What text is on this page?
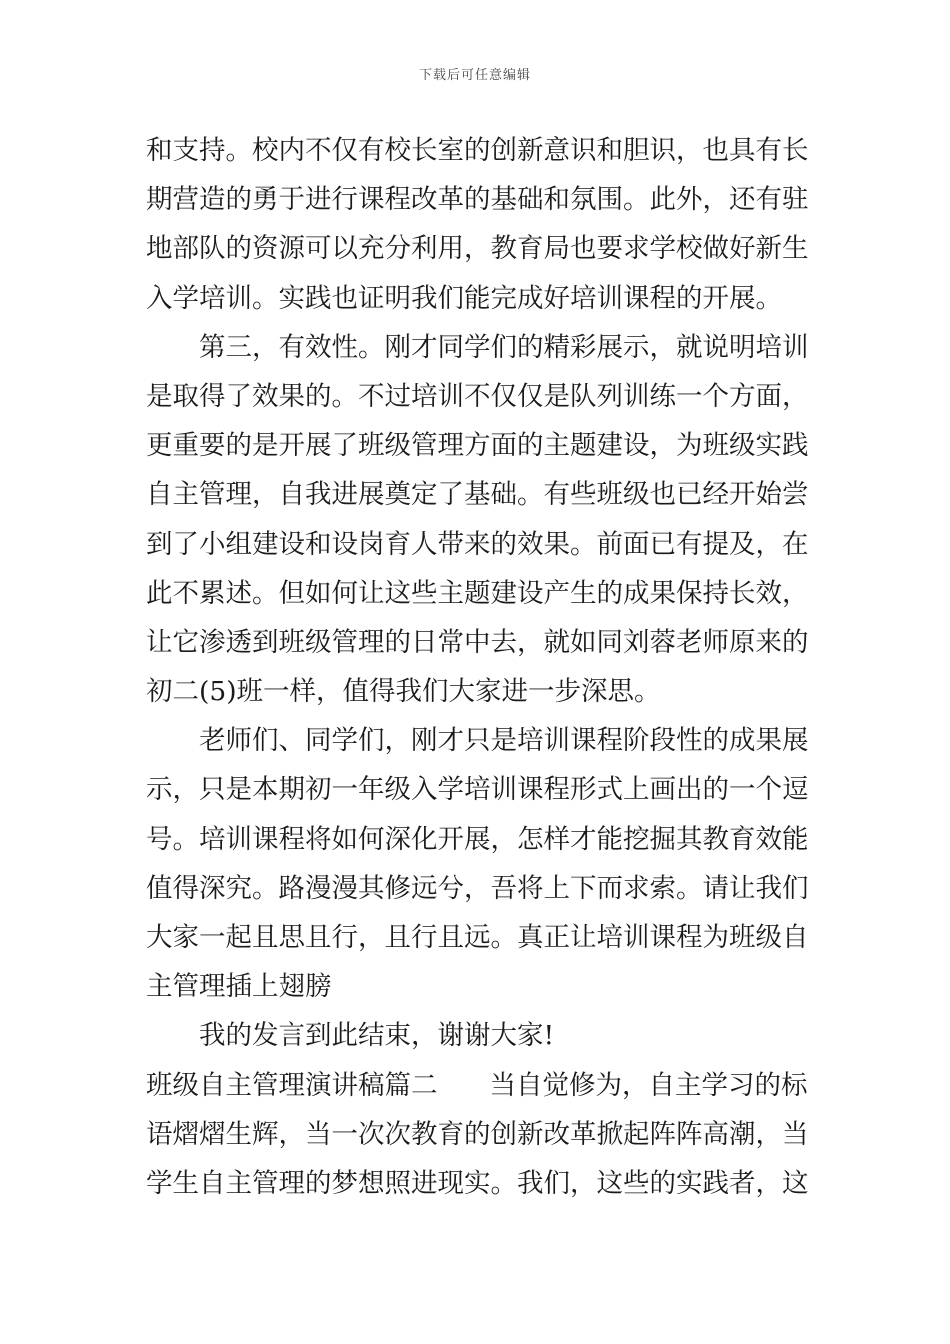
下载后可任意编辑
和支持。校内不仅有校长室的创新意识和胆识，也具有长
期营造的勇于进行课程改革的基础和氛围。此外，还有驻
地部队的资源可以充分利用，教育局也要求学校做好新生
入学培训。实践也证明我们能完成好培训课程的开展。
第三，有效性。刚才同学们的精彩展示，就说明培训
是取得了效果的。不过培训不仅仅是队列训练一个方面，
更重要的是开展了班级管理方面的主题建设，为班级实践
自主管理，自我进展奠定了基础。有些班级也已经开始尝
到了小组建设和设岗育人带来的效果。前面已有提及，在
此不累述。但如何让这些主题建设产生的成果保持长效，
让它渗透到班级管理的日常中去，就如同刘蓉老师原来的
初二(5)班一样，值得我们大家进一步深思。
老师们、同学们，刚才只是培训课程阶段性的成果展
示，只是本期初一年级入学培训课程形式上画出的一个逗
号。培训课程将如何深化开展，怎样才能挖掘其教育效能
值得深究。路漫漫其修远兮，吾将上下而求索。请让我们
大家一起且思且行，且行且远。真正让培训课程为班级自
主管理插上翅膀
我的发言到此结束，谢谢大家!
班级自主管理演讲稿篇二 当自觉修为，自主学习的标
语熠熠生辉，当一次次教育的创新改革掀起阵阵高潮，当
学生自主管理的梦想照进现实。我们，这些的实践者，这
